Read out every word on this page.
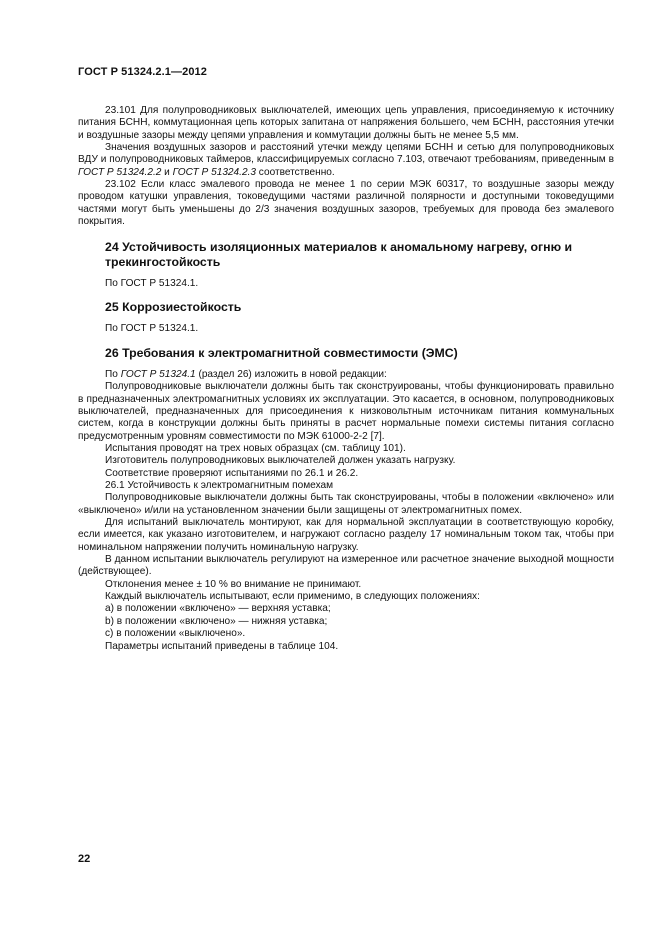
ГОСТ Р 51324.2.1—2012

23.101 Для полупроводниковых выключателей, имеющих цепь управления, присоединяемую к источнику питания БСНН, коммутационная цепь которых запитана от напряжения большего, чем БСНН, расстояния утечки и воздушные зазоры между цепями управления и коммутации должны быть не менее 5,5 мм.

Значения воздушных зазоров и расстояний утечки между цепями БСНН и сетью для полупроводниковых ВДУ и полупроводниковых таймеров, классифицируемых согласно 7.103, отвечают требованиям, приведенным в ГОСТ Р 51324.2.2 и ГОСТ Р 51324.2.3 соответственно.

23.102 Если класс эмалевого провода не менее 1 по серии МЭК 60317, то воздушные зазоры между проводом катушки управления, токоведущими частями различной полярности и доступными токоведущими частями могут быть уменьшены до 2/3 значения воздушных зазоров, требуемых для провода без эмалевого покрытия.

24 Устойчивость изоляционных материалов к аномальному нагреву, огню и трекингостойкость

По ГОСТ Р 51324.1.

25 Коррозиестойкость

По ГОСТ Р 51324.1.

26 Требования к электромагнитной совместимости (ЭМС)

По ГОСТ Р 51324.1 (раздел 26) изложить в новой редакции:

Полупроводниковые выключатели должны быть так сконструированы, чтобы функционировать правильно в предназначенных электромагнитных условиях их эксплуатации. Это касается, в основном, полупроводниковых выключателей, предназначенных для присоединения к низковольтным источникам питания коммунальных систем, когда в конструкции должны быть приняты в расчет нормальные помехи системы питания согласно предусмотренным уровням совместимости по МЭК 61000-2-2 [7].

Испытания проводят на трех новых образцах (см. таблицу 101).

Изготовитель полупроводниковых выключателей должен указать нагрузку.

Соответствие проверяют испытаниями по 26.1 и 26.2.

26.1 Устойчивость к электромагнитным помехам

Полупроводниковые выключатели должны быть так сконструированы, чтобы в положении «включено» или «выключено» и/или на установленном значении были защищены от электромагнитных помех.

Для испытаний выключатель монтируют, как для нормальной эксплуатации в соответствующую коробку, если имеется, как указано изготовителем, и нагружают согласно разделу 17 номинальным током так, чтобы при номинальном напряжении получить номинальную нагрузку.

В данном испытании выключатель регулируют на измеренное или расчетное значение выходной мощности (действующее).

Отклонения менее ± 10 % во внимание не принимают.

Каждый выключатель испытывают, если применимо, в следующих положениях:

а) в положении «включено» — верхняя уставка;

b) в положении «включено» — нижняя уставка;

с) в положении «выключено».

Параметры испытаний приведены в таблице 104.

22
